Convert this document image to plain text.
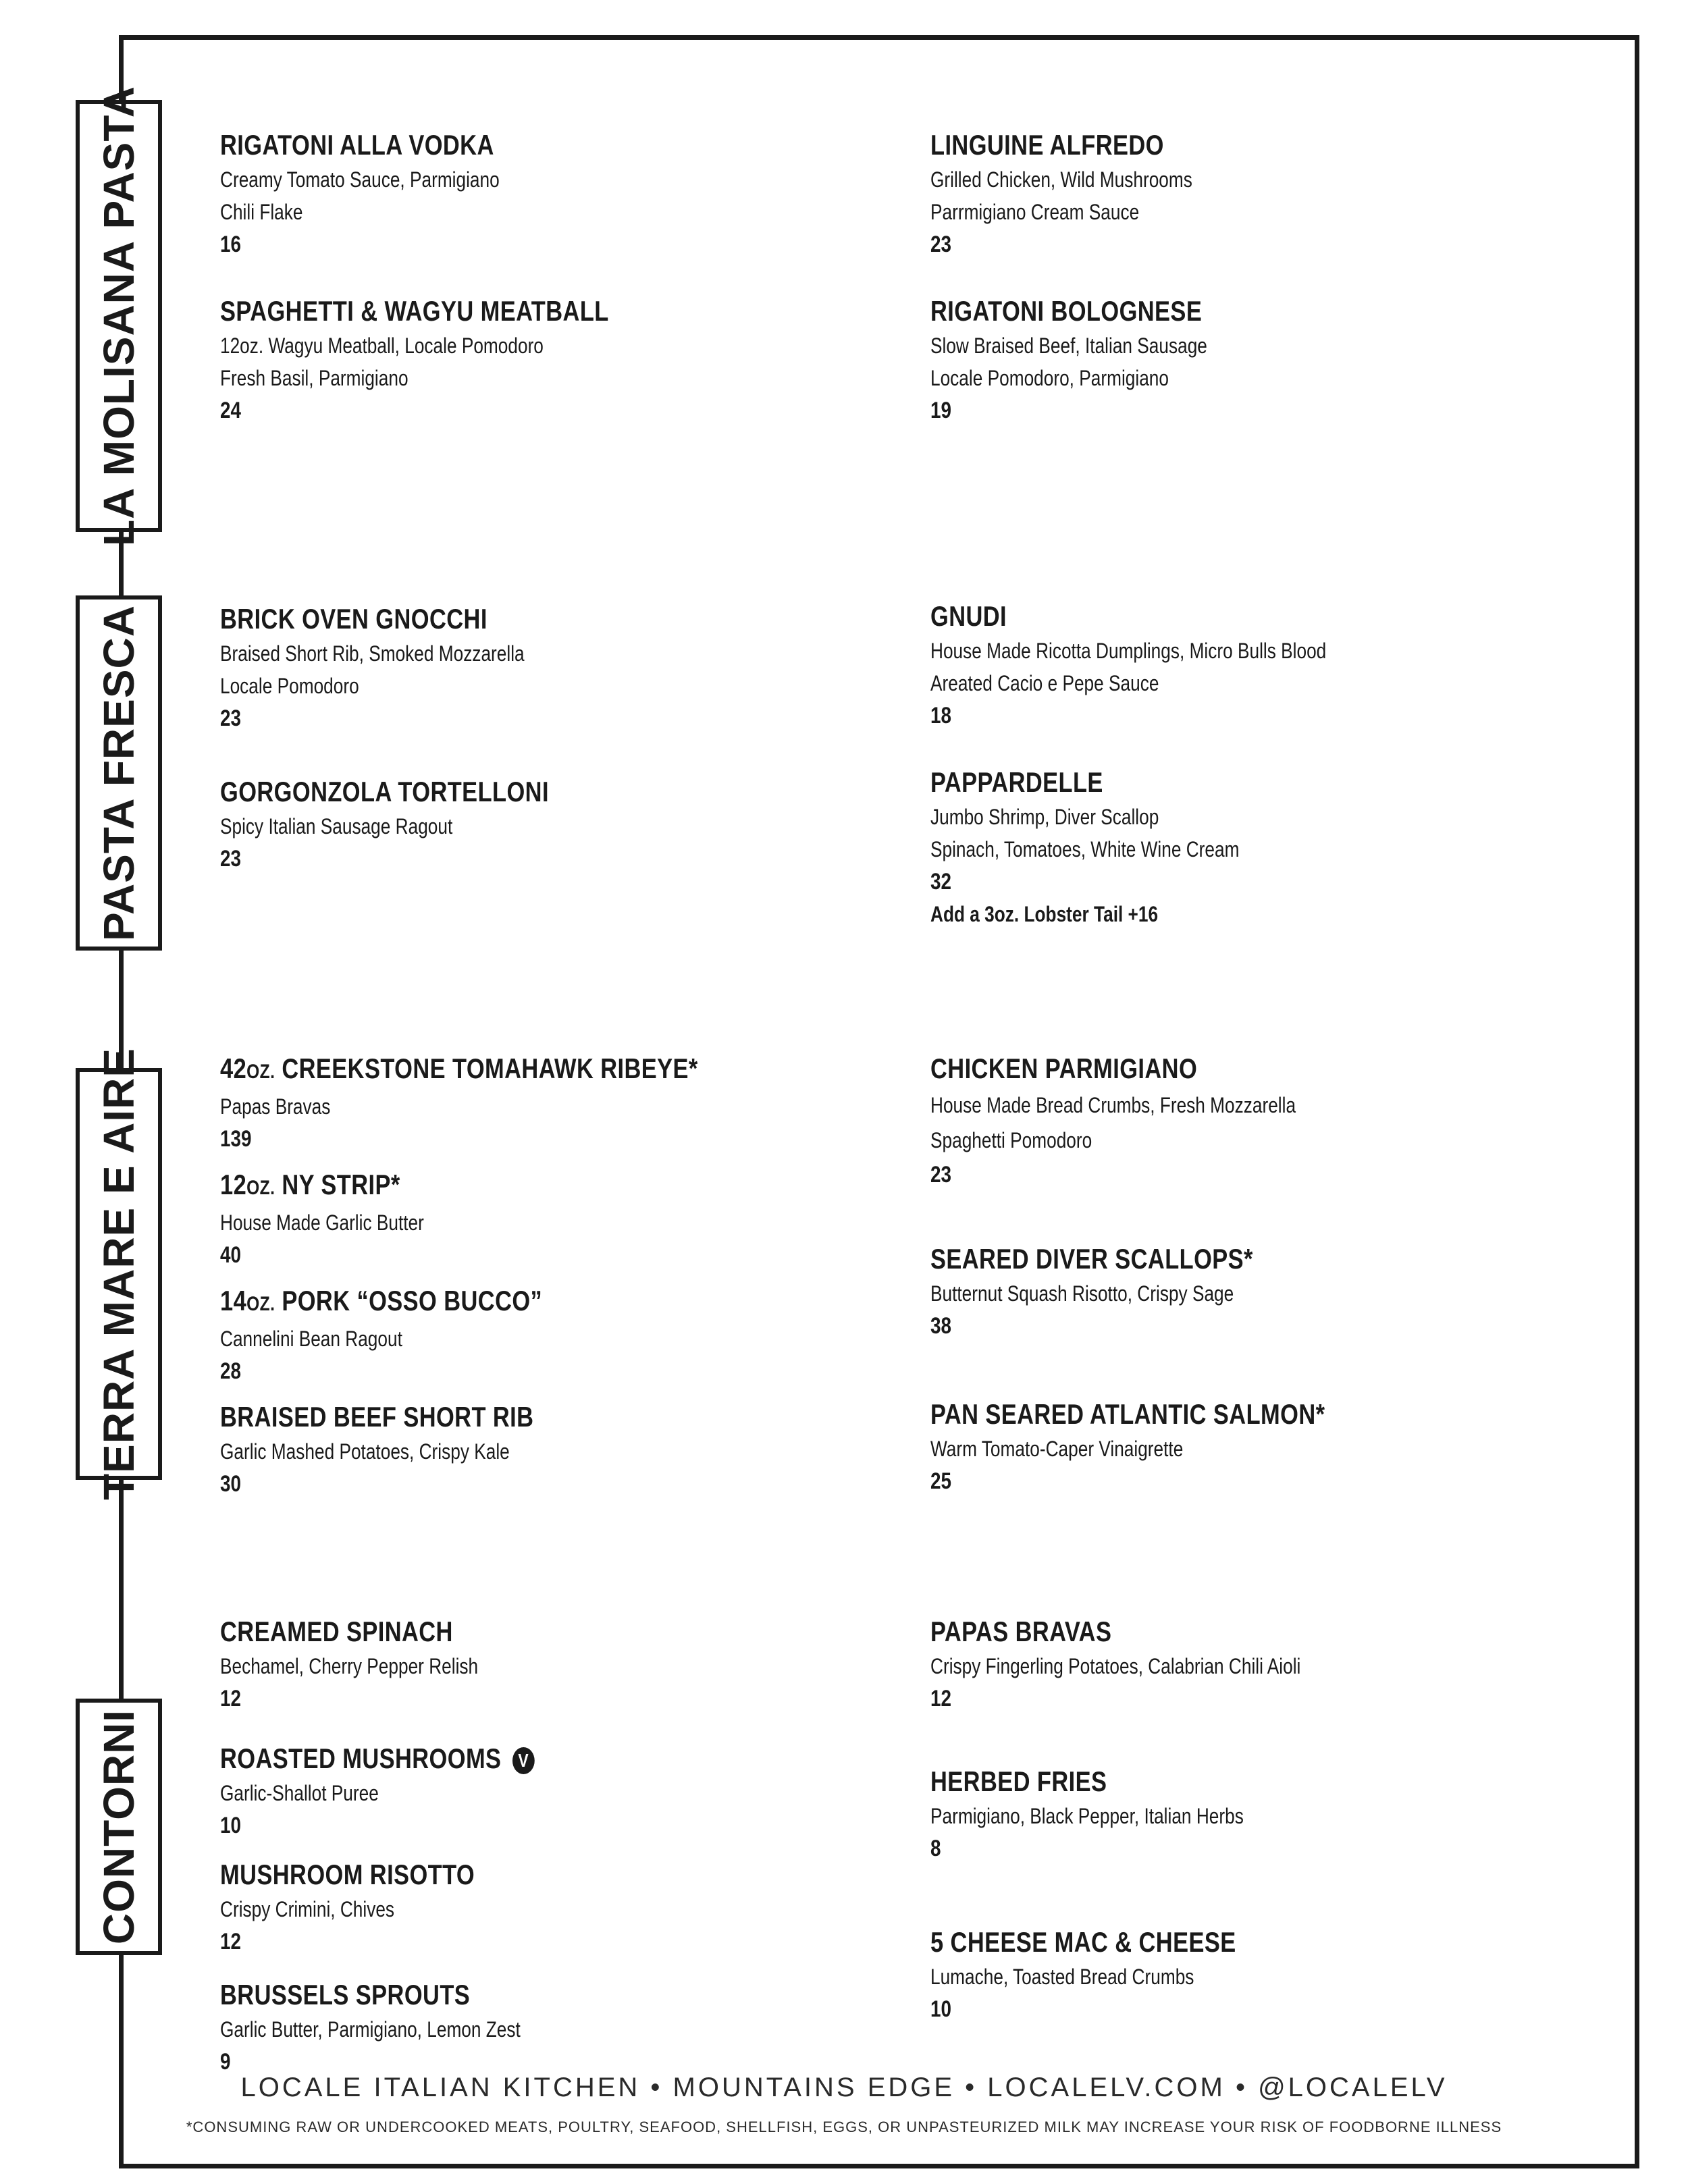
LA MOLISANA PASTA
PASTA FRESCA
TERRA MARE E AIRE
CONTORNI
RIGATONI ALLA VODKA
Creamy Tomato Sauce, Parmigiano
Chili Flake
16
SPAGHETTI & WAGYU MEATBALL
12oz. Wagyu Meatball, Locale Pomodoro
Fresh Basil, Parmigiano
24
LINGUINE ALFREDO
Grilled Chicken, Wild Mushrooms
Parrmigiano Cream Sauce
23
RIGATONI BOLOGNESE
Slow Braised Beef, Italian Sausage
Locale Pomodoro, Parmigiano
19
BRICK OVEN GNOCCHI
Braised Short Rib, Smoked Mozzarella
Locale Pomodoro
23
GORGONZOLA TORTELLONI
Spicy Italian Sausage Ragout
23
GNUDI
House Made Ricotta Dumplings, Micro Bulls Blood
Areated Cacio e Pepe Sauce
18
PAPPARDELLE
Jumbo Shrimp, Diver Scallop
Spinach, Tomatoes, White Wine Cream
32
Add a 3oz. Lobster Tail +16
42OZ. CREEKSTONE TOMAHAWK RIBEYE*
Papas Bravas
139
12OZ. NY STRIP*
House Made Garlic Butter
40
14OZ. PORK “OSSO BUCCO”
Cannelini Bean Ragout
28
BRAISED BEEF SHORT RIB
Garlic Mashed Potatoes, Crispy Kale
30
CHICKEN PARMIGIANO
House Made Bread Crumbs, Fresh Mozzarella
Spaghetti Pomodoro
23
SEARED DIVER SCALLOPS*
Butternut Squash Risotto, Crispy Sage
38
PAN SEARED ATLANTIC SALMON*
Warm Tomato-Caper Vinaigrette
25
CREAMED SPINACH
Bechamel, Cherry Pepper Relish
12
ROASTED MUSHROOMS V
Garlic-Shallot Puree
10
MUSHROOM RISOTTO
Crispy Crimini, Chives
12
BRUSSELS SPROUTS
Garlic Butter, Parmigiano, Lemon Zest
9
PAPAS BRAVAS
Crispy Fingerling Potatoes, Calabrian Chili Aioli
12
HERBED FRIES
Parmigiano, Black Pepper, Italian Herbs
8
5 CHEESE MAC & CHEESE
Lumache, Toasted Bread Crumbs
10
LOCALE ITALIAN KITCHEN • MOUNTAINS EDGE • LOCALELV.COM • @LOCALELV
*CONSUMING RAW OR UNDERCOOKED MEATS, POULTRY, SEAFOOD, SHELLFISH, EGGS, OR UNPASTEURIZED MILK MAY INCREASE YOUR RISK OF FOODBORNE ILLNESS
